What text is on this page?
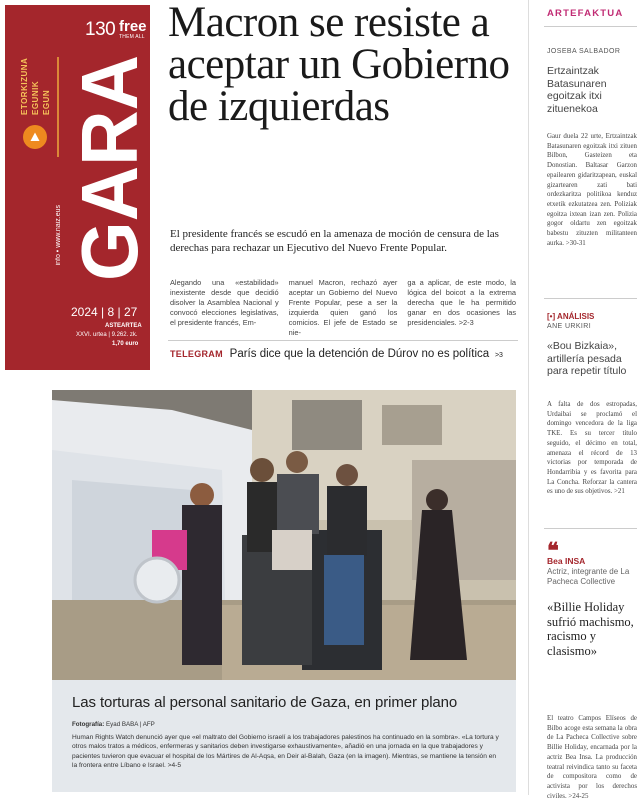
130 free
THEM ALL
ETORKIZUNA EGUNIK EGUN GARA
info • www.naiz.eus
2024 | 8 | 27
ASTEARTEA
XXVI. urtea | 9.262. zk.
1,70 euro
Macron se resiste a aceptar un Gobierno de izquierdas

El presidente francés se escudó en la amenaza de moción de censura de las derechas para rechazar un Ejecutivo del Nuevo Frente Popular.

Alegando una «estabilidad» inexistente desde que decidió disolver la Asamblea Nacional y convocó elecciones legislativas, el presidente francés, Em-

manuel Macron, rechazó ayer aceptar un Gobierno del Nuevo Frente Popular, pese a ser la izquierda quien ganó los comicios. El jefe de Estado se nie-

ga a aplicar, de este modo, la lógica del boicot a la extrema derecha que le ha permitido ganar en dos ocasiones las presidenciales. >2-3

TELEGRAM París dice que la detención de Dúrov no es política >3
Las torturas al personal sanitario de Gaza, en primer plano
Fotografía: Eyad BABA | AFP

Human Rights Watch denunció ayer que «el maltrato del Gobierno israelí a los trabajadores palestinos ha continuado en la sombra». «La tortura y otros malos tratos a médicos, enfermeras y sanitarios deben investigarse exhaustivamente», añadió en una jornada en la que trabajadores y pacientes tuvieron que evacuar el hospital de los Mártires de Al-Aqsa, en Deir al-Balah, Gaza (en la imagen). Mientras, se mantiene la tensión en la frontera entre Líbano e Israel. >4-5

ARTEFAKTUA
JOSEBA SALBADOR
Ertzaintzak Batasunaren egoitzak itxi zituenekoa

Gaur duela 22 urte, Ertzaintzak Batasunaren egoitzak itxi zituen Bilbon, Gasteizen eta Donostian. Baltasar Garzon epailearen gidaritzapean, euskal gizartearen zati bati ordezkaritza politikoa kenduz etxetik ezkutatzea zen. Poliziak egoitza ixtean izan zen. Polizia gogor oldartu zen egoitzak babestu zituzten militanteen aurka. >30-31

[•] ANÁLISIS
ANE URKIRI
«Bou Bizkaia», artillería pesada para repetir título

A falta de dos estropadas, Urdaibai se proclamó el domingo vencedora de la liga TKE. Es su tercer título seguido, el décimo en total, amenaza el récord de 13 victorias por temporada de Hondarribia y es favorita para La Concha. Reforzar la cantera es uno de sus objetivos. >21

❝
Bea INSA
Actriz, integrante de La Pacheca Collective
«Billie Holiday sufrió machismo, racismo y clasismo»

El teatro Campos Elíseos de Bilbo acoge esta semana la obra de La Pacheca Collective sobre Billie Holiday, encarnada por la actriz Bea Insa. La producción teatral reivindica tanto su faceta de compositora como de activista por los derechos civiles. >24-25
